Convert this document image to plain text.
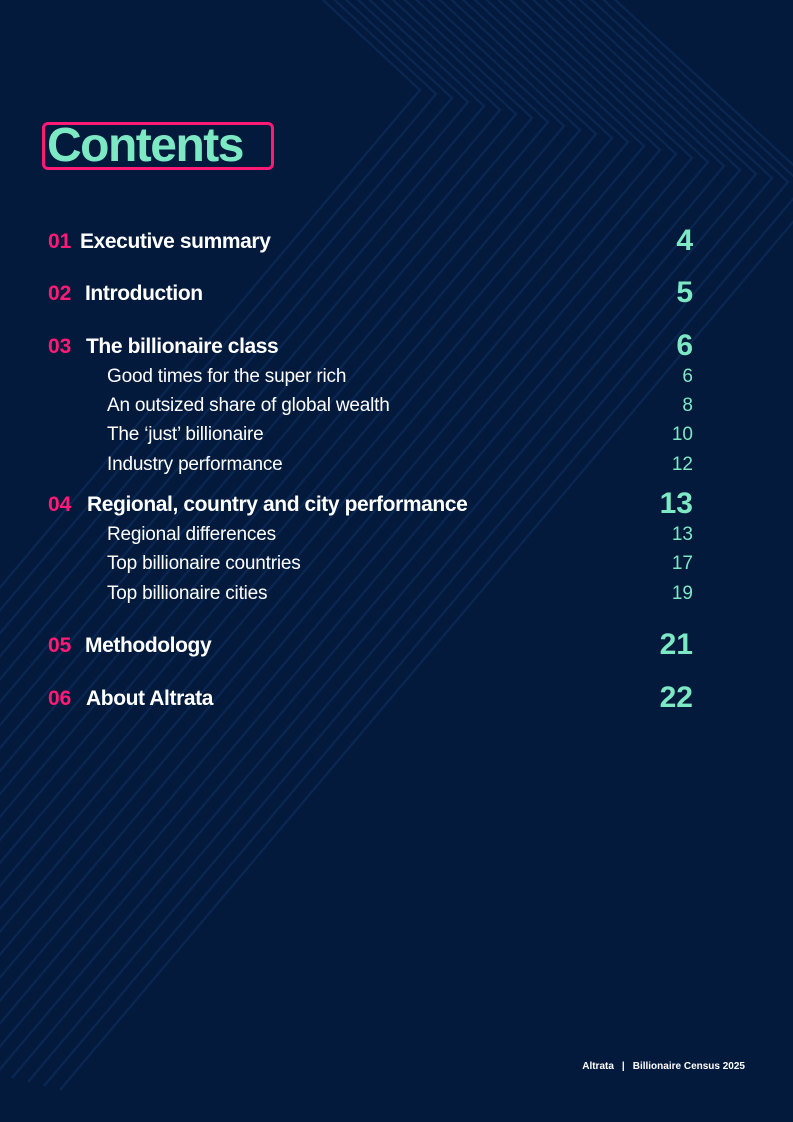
Contents
01 Executive summary	4
02 Introduction	5
03 The billionaire class	6
Good times for the super rich	6
An outsized share of global wealth	8
The ‘just’ billionaire	10
Industry performance	12
04 Regional, country and city performance	13
Regional differences	13
Top billionaire countries	17
Top billionaire cities	19
05 Methodology	21
06 About Altrata	22
Altrata | Billionaire Census 2025
